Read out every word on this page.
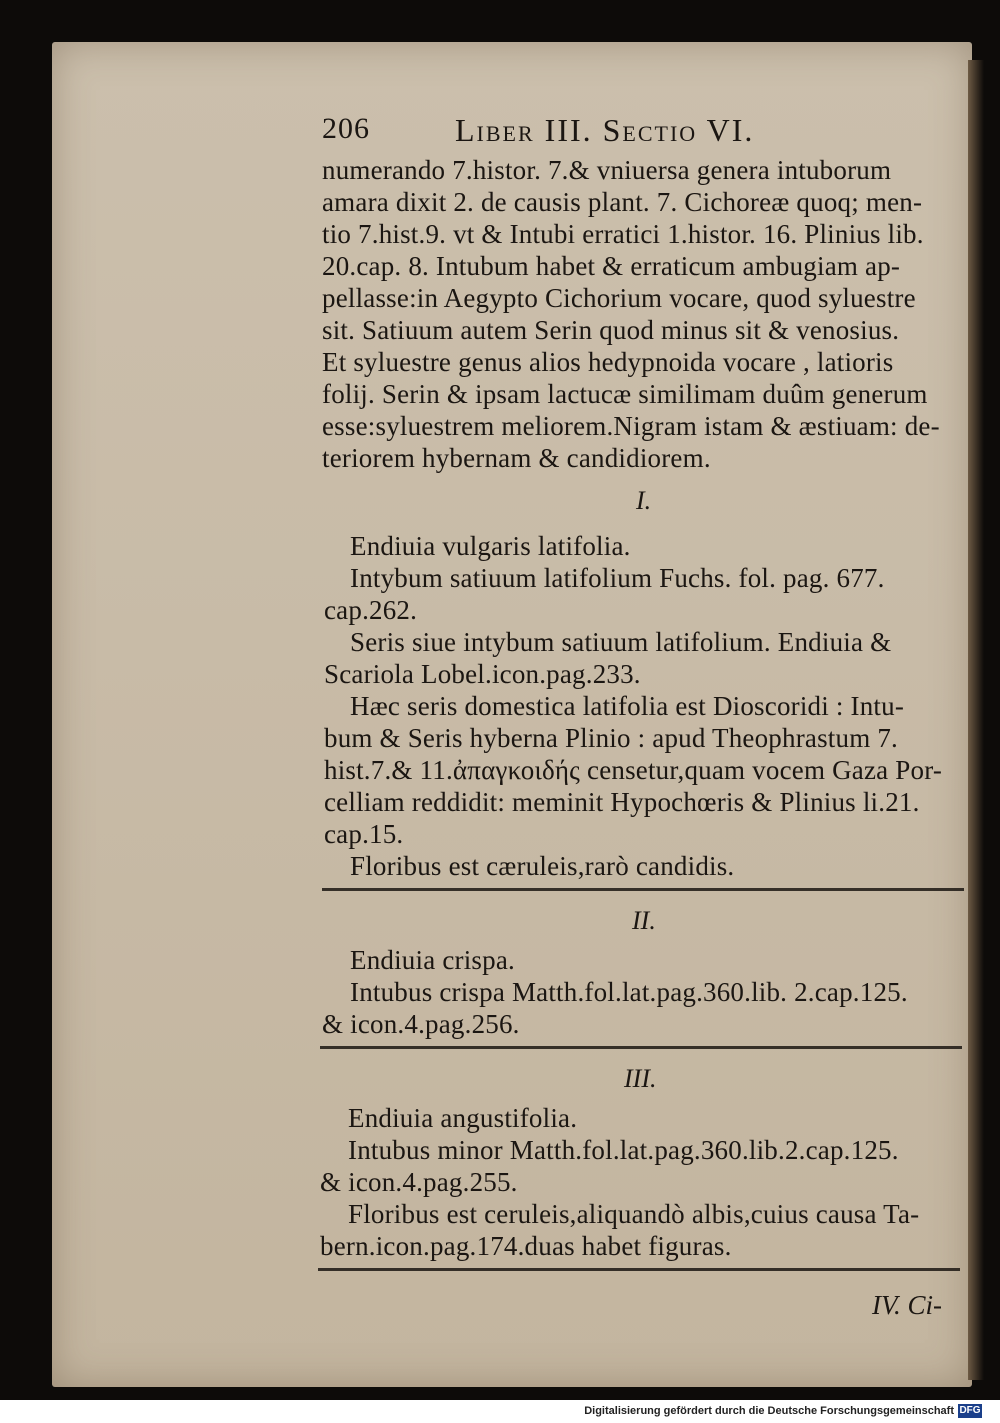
206	Liber III. Sectio VI.
numerando 7.histor. 7.& vniuersa genera intuborum
amara dixit 2. de causis plant. 7. Cichoreæ quoq; men-
tio 7.hist.9. vt & Intubi erratici 1.histor. 16. Plinius lib.
20.cap. 8. Intubum habet & erraticum ambugiam ap-
pellasse:in Aegypto Cichorium vocare, quod syluestre
sit. Satiuum autem Serin quod minus sit & venosius.
Et syluestre genus alios hedypnoida vocare , latioris
folij. Serin & ipsam lactucæ similimam duûm generum
esse:syluestrem meliorem.Nigram istam & æstiuam: de-
teriorem hybernam & candidiorem.
I.
Endiuia vulgaris latifolia.
Intybum satiuum latifolium Fuchs. fol. pag. 677.
cap.262.
Seris siue intybum satiuum latifolium. Endiuia &
Scariola Lobel.icon.pag.233.
Hæc seris domestica latifolia est Dioscoridi : Intu-
bum & Seris hyberna Plinio : apud Theophrastum 7.
hist.7.& 11.ἀπαγκοιδής censetur,quam vocem Gaza Por-
celliam reddidit: meminit Hypochœris & Plinius li.21.
cap.15.
Floribus est cæruleis,rarò candidis.
II.
Endiuia crispa.
Intubus crispa Matth.fol.lat.pag.360.lib. 2.cap.125.
& icon.4.pag.256.
III.
Endiuia angustifolia.
Intubus minor Matth.fol.lat.pag.360.lib.2.cap.125.
& icon.4.pag.255.
Floribus est ceruleis,aliquandò albis,cuius causa Ta-
bern.icon.pag.174.duas habet figuras.
IV. Ci-
Digitalisierung gefördert durch die Deutsche Forschungsgemeinschaft DFG
